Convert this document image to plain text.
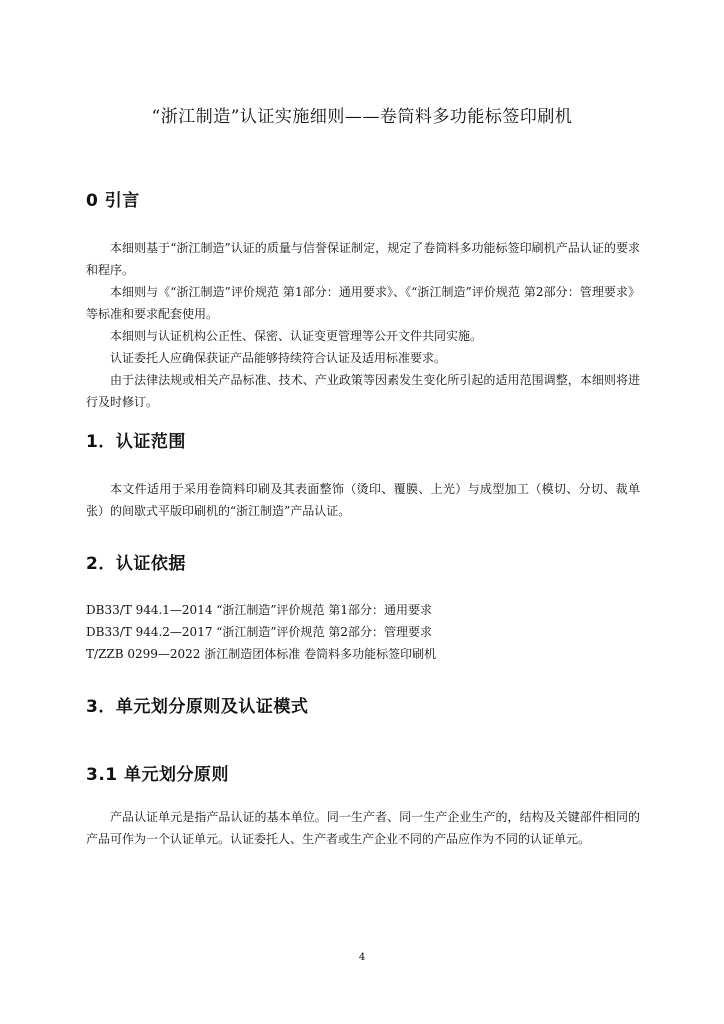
“浙江制造”认证实施细则——卷筒料多功能标签印刷机
0 引言

本细则基于“浙江制造”认证的质量与信誉保证制定，规定了卷筒料多功能标签印刷机产品认证的要求和程序。

本细则与《“浙江制造”评价规范 第1部分：通用要求》、《“浙江制造”评价规范 第2部分：管理要求》等标准和要求配套使用。

本细则与认证机构公正性、保密、认证变更管理等公开文件共同实施。

认证委托人应确保获证产品能够持续符合认证及适用标准要求。

由于法律法规或相关产品标准、技术、产业政策等因素发生变化所引起的适用范围调整，本细则将进行及时修订。

1．认证范围

本文件适用于采用卷筒料印刷及其表面整饰（烫印、覆膜、上光）与成型加工（模切、分切、裁单张）的间歇式平版印刷机的“浙江制造”产品认证。

2．认证依据
DB33/T 944.1—2014 “浙江制造”评价规范 第1部分：通用要求
DB33/T 944.2—2017 “浙江制造”评价规范 第2部分：管理要求
T/ZZB 0299—2022 浙江制造团体标准 卷筒料多功能标签印刷机
3．单元划分原则及认证模式
3.1 单元划分原则

产品认证单元是指产品认证的基本单位。同一生产者、同一生产企业生产的，结构及关键部件相同的产品可作为一个认证单元。认证委托人、生产者或生产企业不同的产品应作为不同的认证单元。

4
